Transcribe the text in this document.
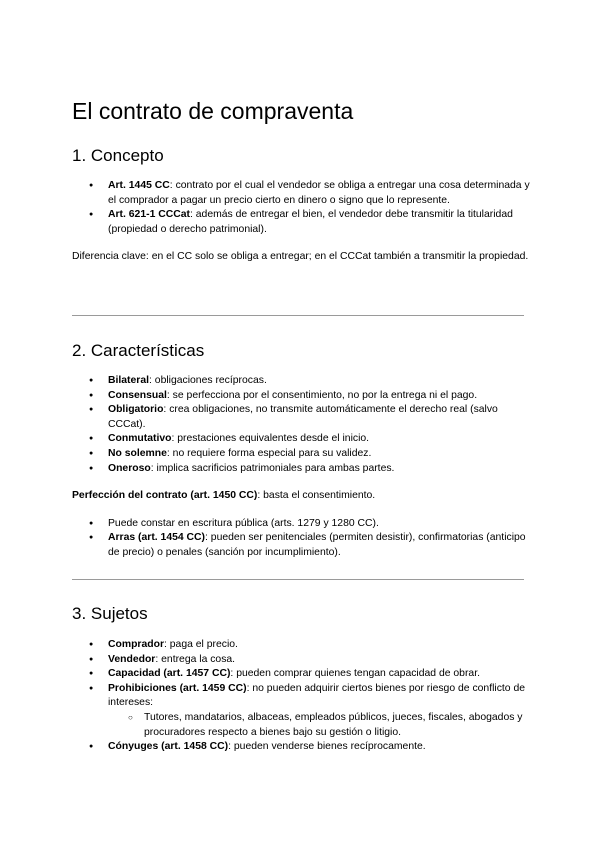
El contrato de compraventa
1. Concepto
● Art. 1445 CC: contrato por el cual el vendedor se obliga a entregar una cosa determinada y el comprador a pagar un precio cierto en dinero o signo que lo represente.
● Art. 621-1 CCCat: además de entregar el bien, el vendedor debe transmitir la titularidad (propiedad o derecho patrimonial).

Diferencia clave: en el CC solo se obliga a entregar; en el CCCat también a transmitir la propiedad.

2. Características
● Bilateral: obligaciones recíprocas.
● Consensual: se perfecciona por el consentimiento, no por la entrega ni el pago.
● Obligatorio: crea obligaciones, no transmite automáticamente el derecho real (salvo CCCat).
● Conmutativo: prestaciones equivalentes desde el inicio.
● No solemne: no requiere forma especial para su validez.
● Oneroso: implica sacrificios patrimoniales para ambas partes.

Perfección del contrato (art. 1450 CC): basta el consentimiento.

● Puede constar en escritura pública (arts. 1279 y 1280 CC).
● Arras (art. 1454 CC): pueden ser penitenciales (permiten desistir), confirmatorias (anticipo de precio) o penales (sanción por incumplimiento).
3. Sujetos
● Comprador: paga el precio.
● Vendedor: entrega la cosa.
● Capacidad (art. 1457 CC): pueden comprar quienes tengan capacidad de obrar.
● Prohibiciones (art. 1459 CC): no pueden adquirir ciertos bienes por riesgo de conflicto de intereses:
○ Tutores, mandatarios, albaceas, empleados públicos, jueces, fiscales, abogados y procuradores respecto a bienes bajo su gestión o litigio.
● Cónyuges (art. 1458 CC): pueden venderse bienes recíprocamente.
